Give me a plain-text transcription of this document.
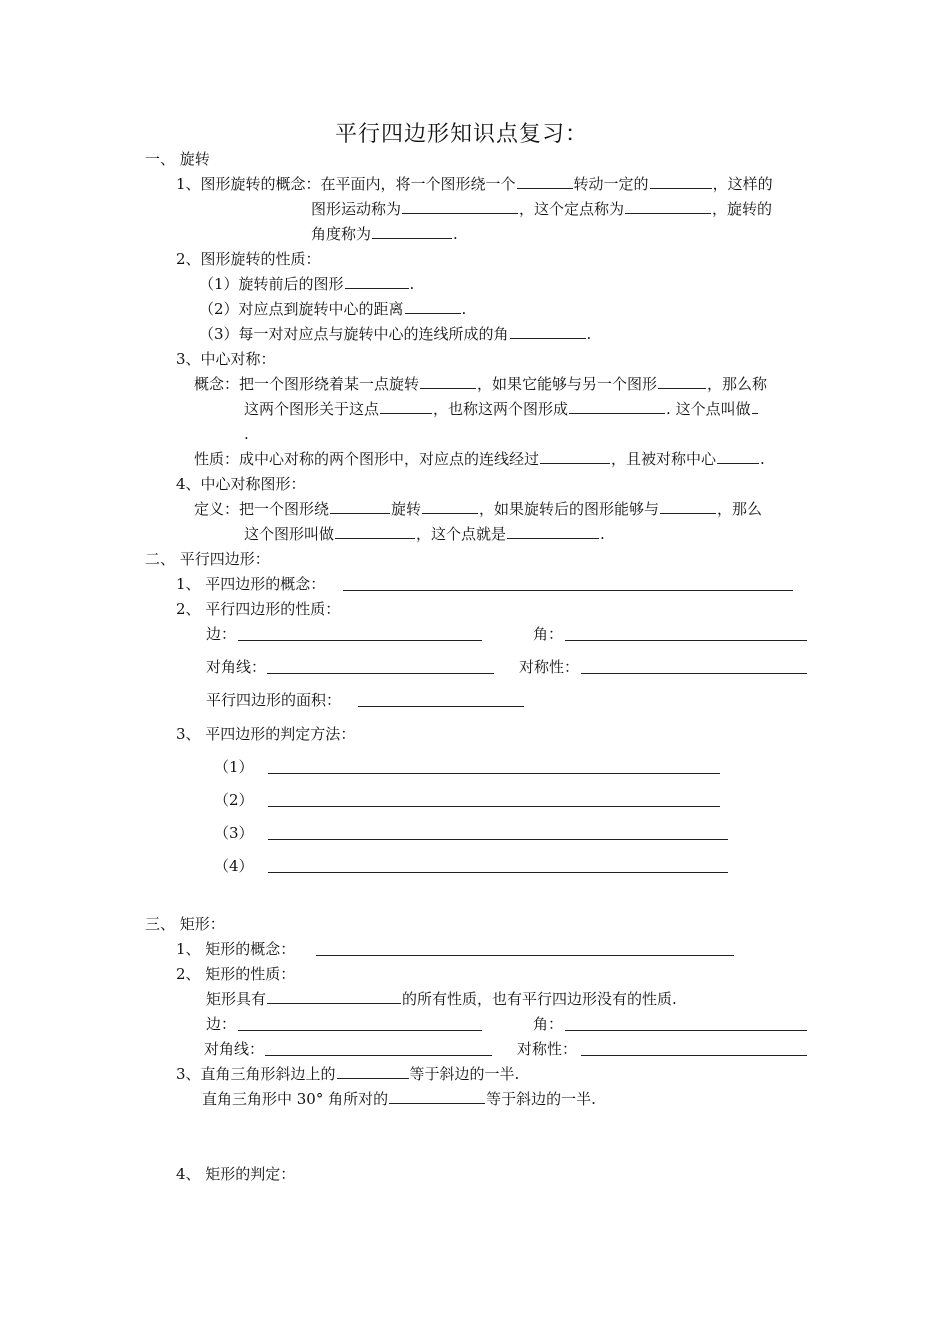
平行四边形知识点复习：
一、 旋转
1、图形旋转的概念：在平面内，将一个图形绕一个	转动一定的	，这样的
图形运动称为	，这个定点称为	，旋转的
角度称为	.
2、图形旋转的性质：
（1）旋转前后的图形	.
（2）对应点到旋转中心的距离	.
（3）每一对对应点与旋转中心的连线所成的角	.
3、中心对称：
概念：把一个图形绕着某一点旋转	，如果它能够与另一个图形	，那么称
这两个图形关于这点	，也称这两个图形成	. 这个点叫做
.
性质：成中心对称的两个图形中，对应点的连线经过	，且被对称中心	.
4、中心对称图形：
定义：把一个图形绕	旋转	，如果旋转后的图形能够与	，那么
这个图形叫做	，这个点就是	.
二、 平行四边形：
1、 平四边形的概念：
2、 平行四边形的性质：
边：	角：
对角线：	对称性：
平行四边形的面积：
3、 平四边形的判定方法：
（1）
（2）
（3）
（4）
三、 矩形：
1、 矩形的概念：
2、 矩形的性质：
矩形具有	的所有性质，也有平行四边形没有的性质.
边：	角：
对角线：	对称性：
3、直角三角形斜边上的	等于斜边的一半.
直角三角形中 30° 角所对的	等于斜边的一半.
4、 矩形的判定：
